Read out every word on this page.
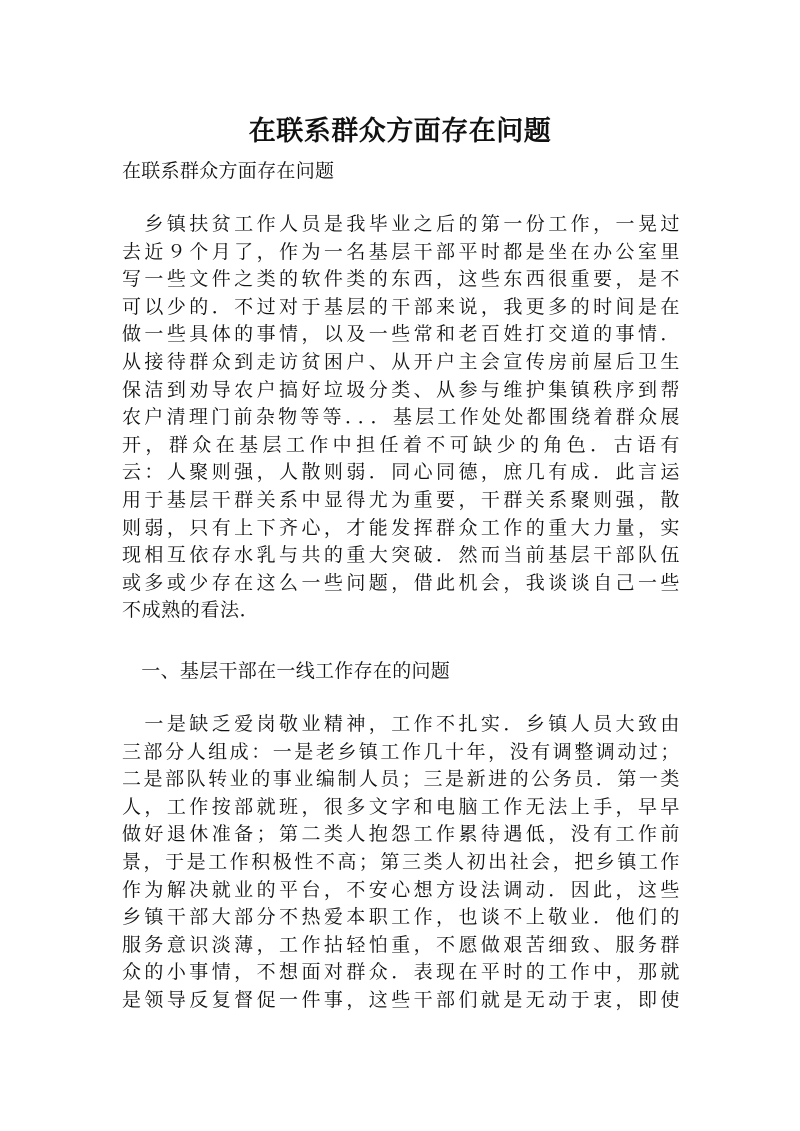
在联系群众方面存在问题
在联系群众方面存在问题
　乡镇扶贫工作人员是我毕业之后的第一份工作，一晃过
去近９个月了，作为一名基层干部平时都是坐在办公室里
写一些文件之类的软件类的东西，这些东西很重要，是不
可以少的．不过对于基层的干部来说，我更多的时间是在
做一些具体的事情，以及一些常和老百姓打交道的事情．
从接待群众到走访贫困户、从开户主会宣传房前屋后卫生
保洁到劝导农户搞好垃圾分类、从参与维护集镇秩序到帮
农户清理门前杂物等等．．．基层工作处处都围绕着群众展
开，群众在基层工作中担任着不可缺少的角色．古语有
云：人聚则强，人散则弱．同心同德，庶几有成．此言运
用于基层干群关系中显得尤为重要，干群关系聚则强，散
则弱，只有上下齐心，才能发挥群众工作的重大力量，实
现相互依存水乳与共的重大突破．然而当前基层干部队伍
或多或少存在这么一些问题，借此机会，我谈谈自己一些
不成熟的看法．
　一、基层干部在一线工作存在的问题
　一是缺乏爱岗敬业精神，工作不扎实．乡镇人员大致由
三部分人组成：一是老乡镇工作几十年，没有调整调动过；
二是部队转业的事业编制人员；三是新进的公务员．第一类
人，工作按部就班，很多文字和电脑工作无法上手，早早
做好退休准备；第二类人抱怨工作累待遇低，没有工作前
景，于是工作积极性不高；第三类人初出社会，把乡镇工作
作为解决就业的平台，不安心想方设法调动．因此，这些
乡镇干部大部分不热爱本职工作，也谈不上敬业．他们的
服务意识淡薄，工作拈轻怕重，不愿做艰苦细致、服务群
众的小事情，不想面对群众．表现在平时的工作中，那就
是领导反复督促一件事，这些干部们就是无动于衷，即使
